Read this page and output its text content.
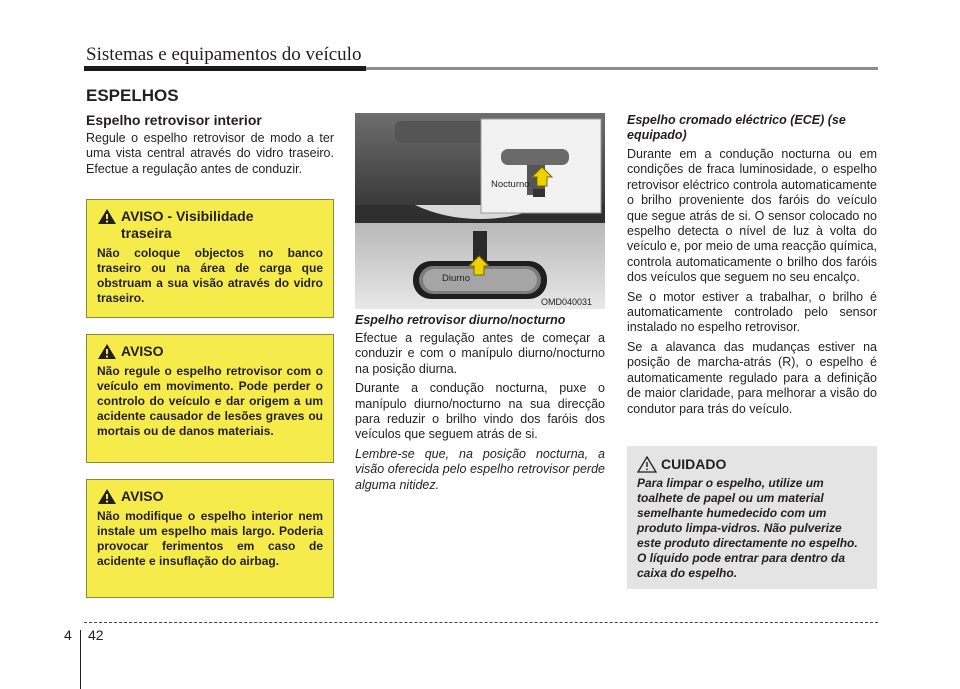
Sistemas e equipamentos do veículo
ESPELHOS
Espelho retrovisor interior

Regule o espelho retrovisor de modo a ter uma vista central através do vidro traseiro. Efectue a regulação antes de conduzir.

AVISO - Visibilidade traseira

Não coloque objectos no banco traseiro ou na área de carga que obstruam a sua visão através do vidro traseiro.

AVISO

Não regule o espelho retrovisor com o veículo em movimento. Pode perder o controlo do veículo e dar origem a um acidente causador de lesões graves ou mortais ou de danos materiais.

AVISO

Não modifique o espelho interior nem instale um espelho mais largo. Poderia provocar ferimentos em caso de acidente e insuflação do airbag.

Nocturno
Diurno
OMD040031

Espelho retrovisor diurno/nocturno

Efectue a regulação antes de começar a conduzir e com o manípulo diurno/nocturno na posição diurna.

Durante a condução nocturna, puxe o manípulo diurno/nocturno na sua direcção para reduzir o brilho vindo dos faróis dos veículos que seguem atrás de si.

Lembre-se que, na posição nocturna, a visão oferecida pelo espelho retrovisor perde alguma nitidez.

Espelho cromado eléctrico (ECE) (se equipado)

Durante em a condução nocturna ou em condições de fraca luminosidade, o espelho retrovisor eléctrico controla automaticamente o brilho proveniente dos faróis do veículo que segue atrás de si. O sensor colocado no espelho detecta o nível de luz à volta do veículo e, por meio de uma reacção química, controla automaticamente o brilho dos faróis dos veículos que seguem no seu encalço.

Se o motor estiver a trabalhar, o brilho é automaticamente controlado pelo sensor instalado no espelho retrovisor.

Se a alavanca das mudanças estiver na posição de marcha-atrás (R), o espelho é automaticamente regulado para a definição de maior claridade, para melhorar a visão do condutor para trás do veículo.

CUIDADO

Para limpar o espelho, utilize um toalhete de papel ou um material semelhante humedecido com um produto limpa-vidros. Não pulverize este produto directamente no espelho. O líquido pode entrar para dentro da caixa do espelho.

4 42
